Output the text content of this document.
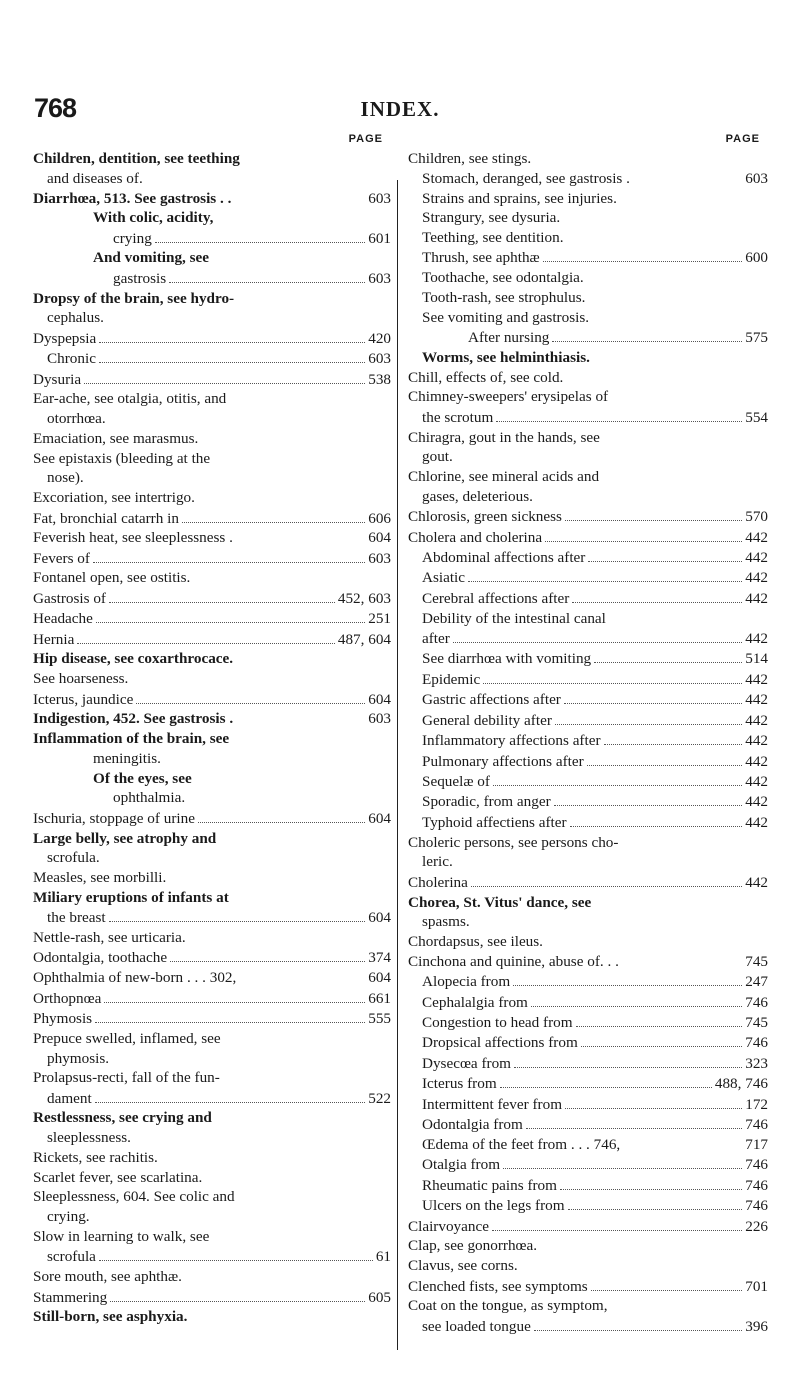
768	INDEX.
PAGE
Children, dentition, see teething
and diseases of.
Diarrhœa, 513. See gastrosis . .	603
With colic, acidity,
crying	601
And vomiting, see
gastrosis	603
Dropsy of the brain, see hydro-
cephalus.
Dyspepsia	420
Chronic	603
Dysuria	538
Ear-ache, see otalgia, otitis, and
otorrhœa.
Emaciation, see marasmus.
See epistaxis (bleeding at the
nose).
Excoriation, see intertrigo.
Fat, bronchial catarrh in	606
Feverish heat, see sleeplessness .	604
Fevers of	603
Fontanel open, see ostitis.
Gastrosis of	452, 603
Headache	251
Hernia	487, 604
Hip disease, see coxarthrocace.
See hoarseness.
Icterus, jaundice	604
Indigestion, 452. See gastrosis .	603
Inflammation of the brain, see
meningitis.
Of the eyes, see
ophthalmia.
Ischuria, stoppage of urine	604
Large belly, see atrophy and
scrofula.
Measles, see morbilli.
Miliary eruptions of infants at
the breast	604
Nettle-rash, see urticaria.
Odontalgia, toothache	374
Ophthalmia of new-born . . . 302,	604
Orthopnœa	661
Phymosis	555
Prepuce swelled, inflamed, see
phymosis.
Prolapsus-recti, fall of the fun-
dament	522
Restlessness, see crying and
sleeplessness.
Rickets, see rachitis.
Scarlet fever, see scarlatina.
Sleeplessness, 604. See colic and
crying.
Slow in learning to walk, see
scrofula	61
Sore mouth, see aphthæ.
Stammering	605
Still-born, see asphyxia.
PAGE
Children, see stings.
Stomach, deranged, see gastrosis .	603
Strains and sprains, see injuries.
Strangury, see dysuria.
Teething, see dentition.
Thrush, see aphthæ	600
Toothache, see odontalgia.
Tooth-rash, see strophulus.
See vomiting and gastrosis.
After nursing	575
Worms, see helminthiasis.
Chill, effects of, see cold.
Chimney-sweepers' erysipelas of
the scrotum	554
Chiragra, gout in the hands, see
gout.
Chlorine, see mineral acids and
gases, deleterious.
Chlorosis, green sickness	570
Cholera and cholerina	442
Abdominal affections after	442
Asiatic	442
Cerebral affections after	442
Debility of the intestinal canal
after	442
See diarrhœa with vomiting	514
Epidemic	442
Gastric affections after	442
General debility after	442
Inflammatory affections after	442
Pulmonary affections after	442
Sequelæ of	442
Sporadic, from anger	442
Typhoid affectiens after	442
Choleric persons, see persons cho-
leric.
Cholerina	442
Chorea, St. Vitus' dance, see
spasms.
Chordapsus, see ileus.
Cinchona and quinine, abuse of. . .	745
Alopecia from	247
Cephalalgia from	746
Congestion to head from	745
Dropsical affections from	746
Dysecœa from	323
Icterus from	488, 746
Intermittent fever from	172
Odontalgia from	746
Œdema of the feet from . . . 746,	717
Otalgia from	746
Rheumatic pains from	746
Ulcers on the legs from	746
Clairvoyance	226
Clap, see gonorrhœa.
Clavus, see corns.
Clenched fists, see symptoms	701
Coat on the tongue, as symptom,
see loaded tongue	396
